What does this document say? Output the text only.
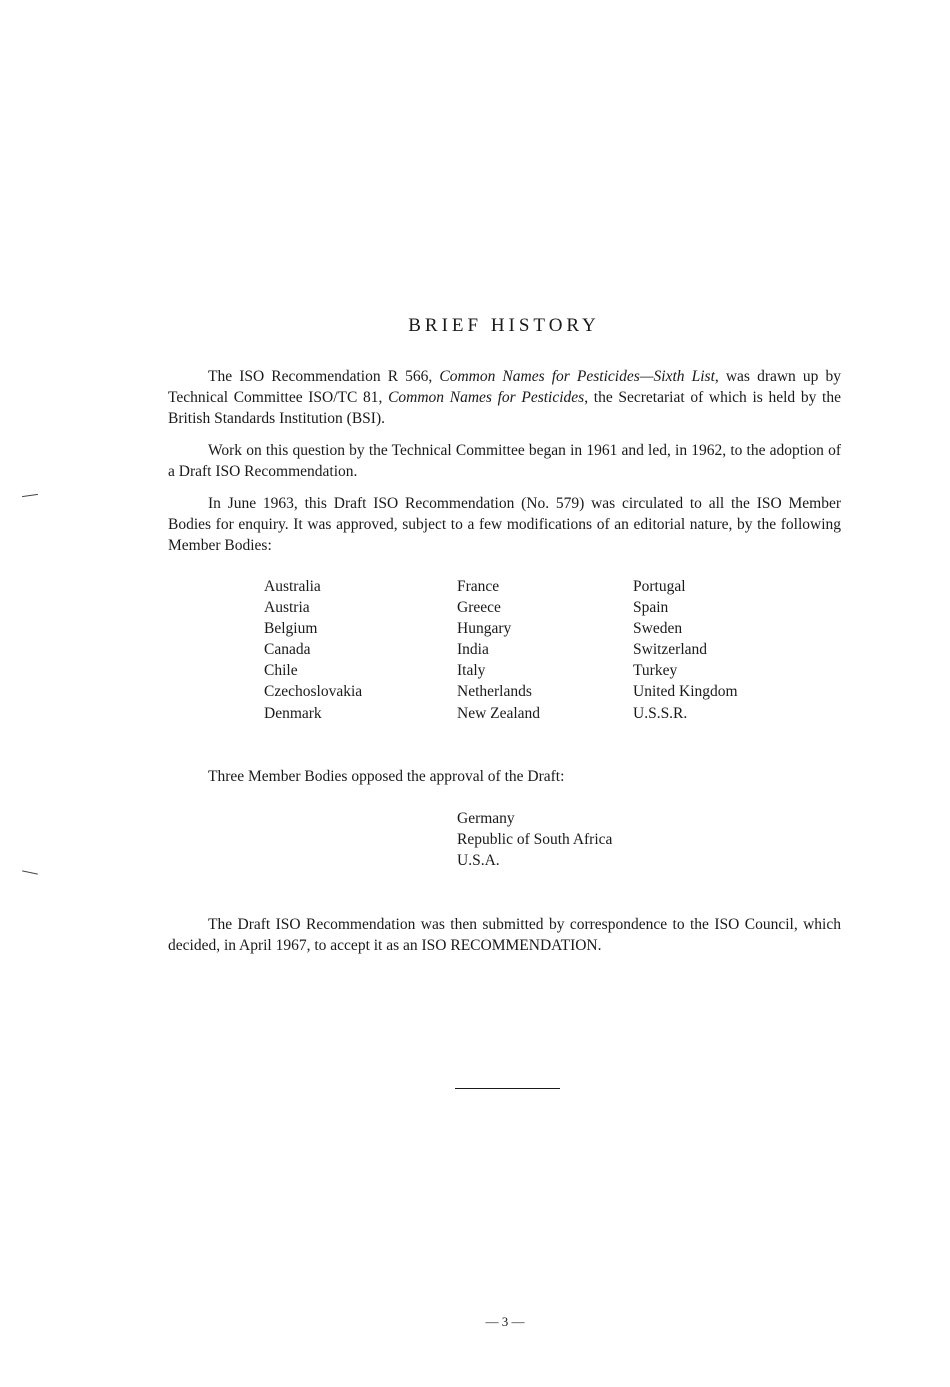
BRIEF HISTORY

The ISO Recommendation R 566, Common Names for Pesticides—Sixth List, was drawn up by Technical Committee ISO/TC 81, Common Names for Pesticides, the Secretariat of which is held by the British Standards Institution (BSI).

Work on this question by the Technical Committee began in 1961 and led, in 1962, to the adoption of a Draft ISO Recommendation.

In June 1963, this Draft ISO Recommendation (No. 579) was circulated to all the ISO Member Bodies for enquiry. It was approved, subject to a few modifications of an editorial nature, by the following Member Bodies:

Australia
Austria
Belgium
Canada
Chile
Czechoslovakia
Denmark
France
Greece
Hungary
India
Italy
Netherlands
New Zealand
Portugal
Spain
Sweden
Switzerland
Turkey
United Kingdom
U.S.S.R.

Three Member Bodies opposed the approval of the Draft:

Germany
Republic of South Africa
U.S.A.

The Draft ISO Recommendation was then submitted by correspondence to the ISO Council, which decided, in April 1967, to accept it as an ISO RECOMMENDATION.

— 3 —
